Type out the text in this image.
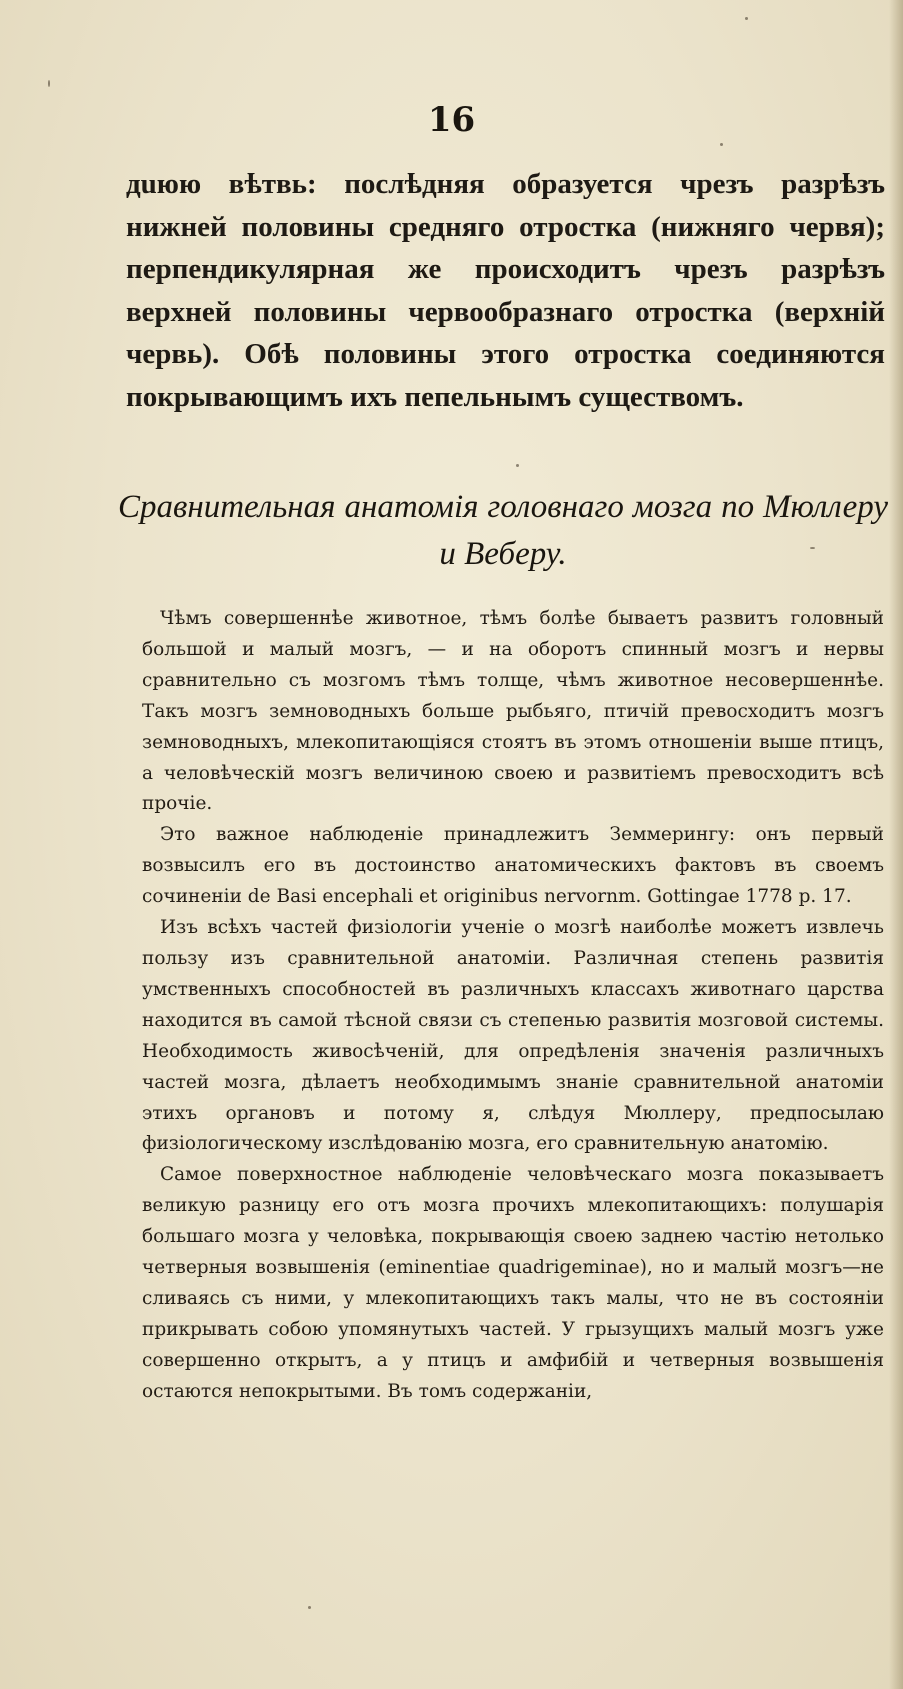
16

дuюю вѣтвь: послѣдняя образуется чрезъ разрѣзъ нижней половины средняго отростка (нижняго червя); перпендикулярная же происходитъ чрезъ разрѣзъ верхней половины червообразнаго отростка (верхнiй червь). Обѣ половины этого отростка соединяются покрывающимъ ихъ пепельнымъ существомъ.

Сравнительная анатомiя головнаго мозга по Мюллеру и Веберу.

Чѣмъ совершеннѣе животное, тѣмъ болѣе бываетъ развитъ головный большой и малый мозгъ, — и на оборотъ спинный мозгъ и нервы сравнительно съ мозгомъ тѣмъ толще, чѣмъ животное несовершеннѣе. Такъ мозгъ земноводныхъ больше рыбьяго, птичiй превосходитъ мозгъ земноводныхъ, млекопитающiяся стоятъ въ этомъ отношенiи выше птицъ, а человѣческiй мозгъ величиною своею и развитiемъ превосходитъ всѣ прочiе.

Это важное наблюденiе принадлежитъ Земмерингу: онъ первый возвысилъ его въ достоинство анатомическихъ фактовъ въ своемъ сочиненiи de Basi encephali et originibus nervornm. Gottingae 1778 p. 17.

Изъ всѣхъ частей физiологiи ученiе о мозгѣ наиболѣе можетъ извлечь пользу изъ сравнительной анатомiи. Различная степень развитiя умственныхъ способностей въ различныхъ классахъ животнаго царства находится въ самой тѣсной связи съ степенью развитiя мозговой системы. Необходимость живосѣченiй, для опредѣленiя значенiя различныхъ частей мозга, дѣлаетъ необходимымъ знанiе сравнительной анатомiи этихъ органовъ и потому я, слѣдуя Мюллеру, предпосылаю физiологическому изслѣдованiю мозга, его сравнительную анатомiю.

Самое поверхностное наблюденiе человѣческаго мозга показываетъ великую разницу его отъ мозга прочихъ млекопитающихъ: полушарiя большаго мозга у человѣка, покрывающiя своею заднею частiю нетолько четверныя возвышенiя (eminentiae quadrigeminae), но и малый мозгъ—не сливаясь съ ними, у млекопитающихъ такъ малы, что не въ состоянiи прикрывать собою упомянутыхъ частей. У грызущихъ малый мозгъ уже совершенно открытъ, а у птицъ и амфибiй и четверныя возвышенiя остаются непокрытыми. Въ томъ содержанiи,
